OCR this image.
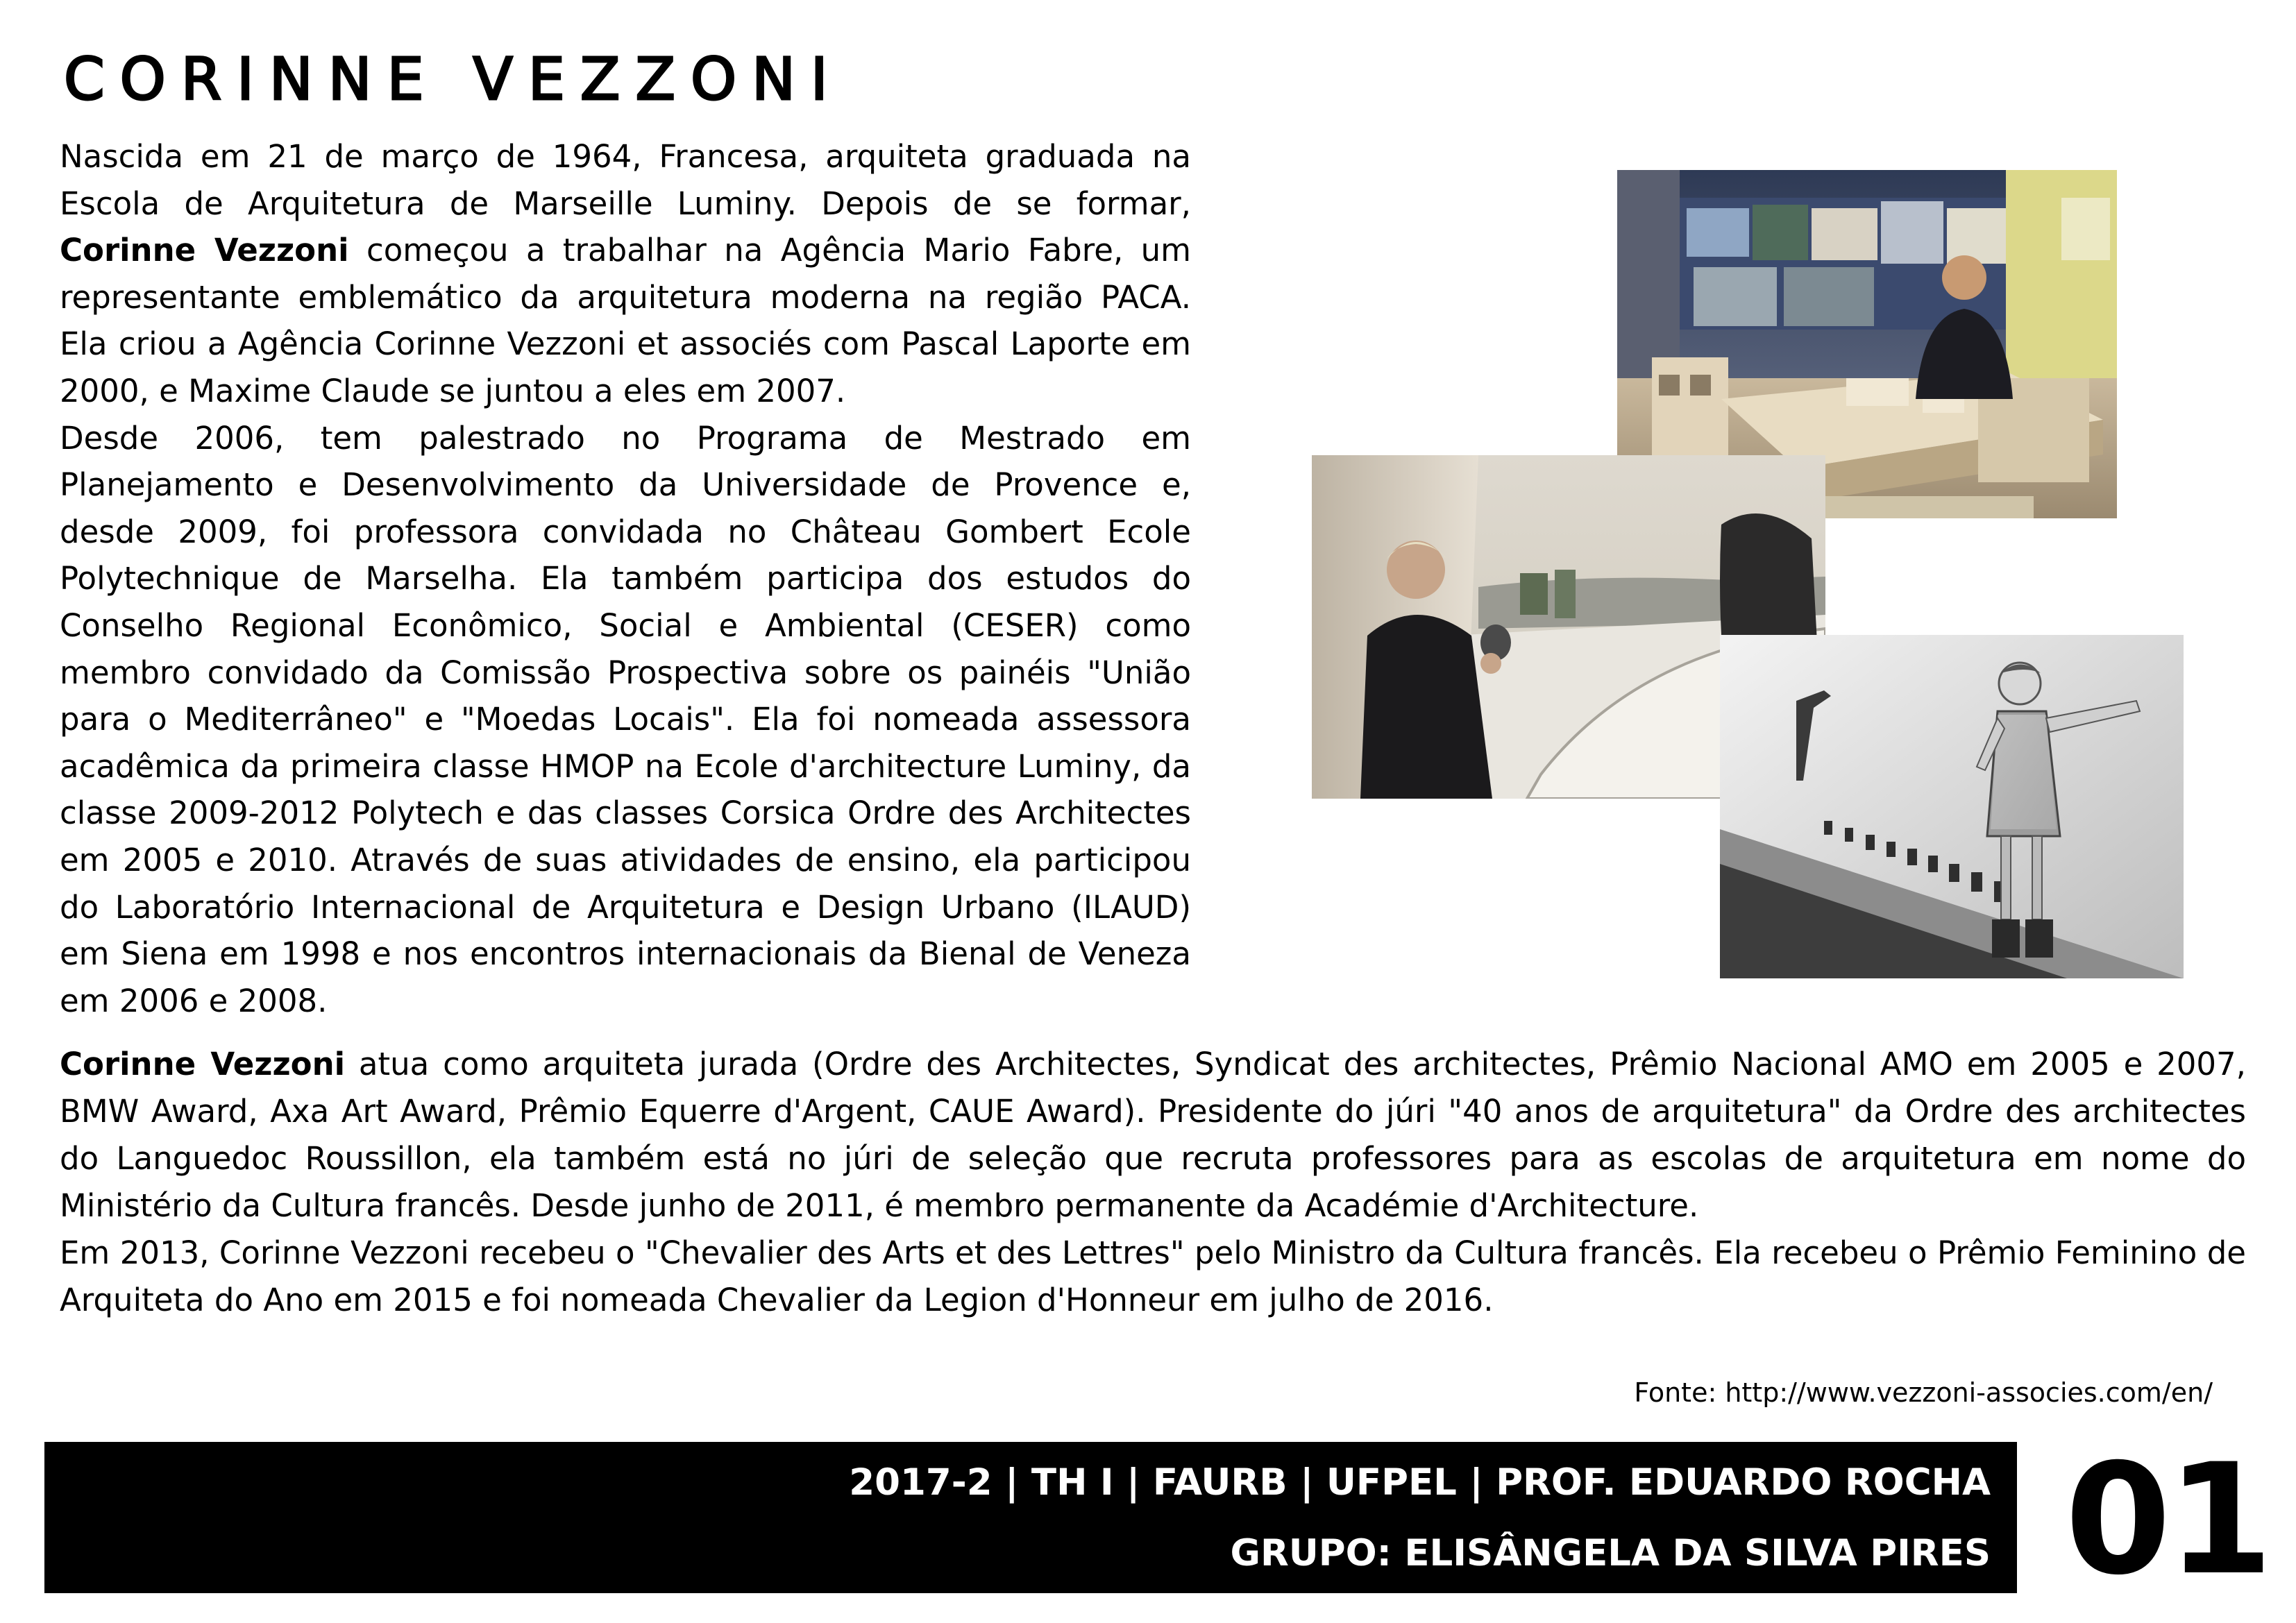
CORINNE VEZZONI

Nascida em 21 de março de 1964, Francesa, arquiteta graduada na Escola de Arquitetura de Marseille Luminy. Depois de se formar, Corinne Vezzoni começou a trabalhar na Agência Mario Fabre, um representante emblemático da arquitetura moderna na região PACA. Ela criou a Agência Corinne Vezzoni et associés com Pascal Laporte em 2000, e Maxime Claude se juntou a eles em 2007.

Desde 2006, tem palestrado no Programa de Mestrado em Planejamento e Desenvolvimento da Universidade de Provence e, desde 2009, foi professora convidada no Château Gombert Ecole Polytechnique de Marselha. Ela também participa dos estudos do Conselho Regional Econômico, Social e Ambiental (CESER) como membro convidado da Comissão Prospectiva sobre os painéis "União para o Mediterrâneo" e "Moedas Locais". Ela foi nomeada assessora acadêmica da primeira classe HMOP na Ecole d'architecture Luminy, da classe 2009-2012 Polytech e das classes Corsica Ordre des Architectes em 2005 e 2010. Através de suas atividades de ensino, ela participou do Laboratório Internacional de Arquitetura e Design Urbano (ILAUD) em Siena em 1998 e nos encontros internacionais da Bienal de Veneza em 2006 e 2008.

Corinne Vezzoni atua como arquiteta jurada (Ordre des Architectes, Syndicat des architectes, Prêmio Nacional AMO em 2005 e 2007, BMW Award, Axa Art Award, Prêmio Equerre d'Argent, CAUE Award). Presidente do júri "40 anos de arquitetura" da Ordre des architectes do Languedoc Roussillon, ela também está no júri de seleção que recruta professores para as escolas de arquitetura em nome do Ministério da Cultura francês. Desde junho de 2011, é membro permanente da Académie d'Architecture.

Em 2013, Corinne Vezzoni recebeu o "Chevalier des Arts et des Lettres" pelo Ministro da Cultura francês. Ela recebeu o Prêmio Feminino de Arquiteta do Ano em 2015 e foi nomeada Chevalier da Legion d'Honneur em julho de 2016.

Fonte: http://www.vezzoni-associes.com/en/
2017-2 | TH I | FAURB | UFPEL | PROF. EDUARDO ROCHA
GRUPO: ELISÂNGELA DA SILVA PIRES 01
